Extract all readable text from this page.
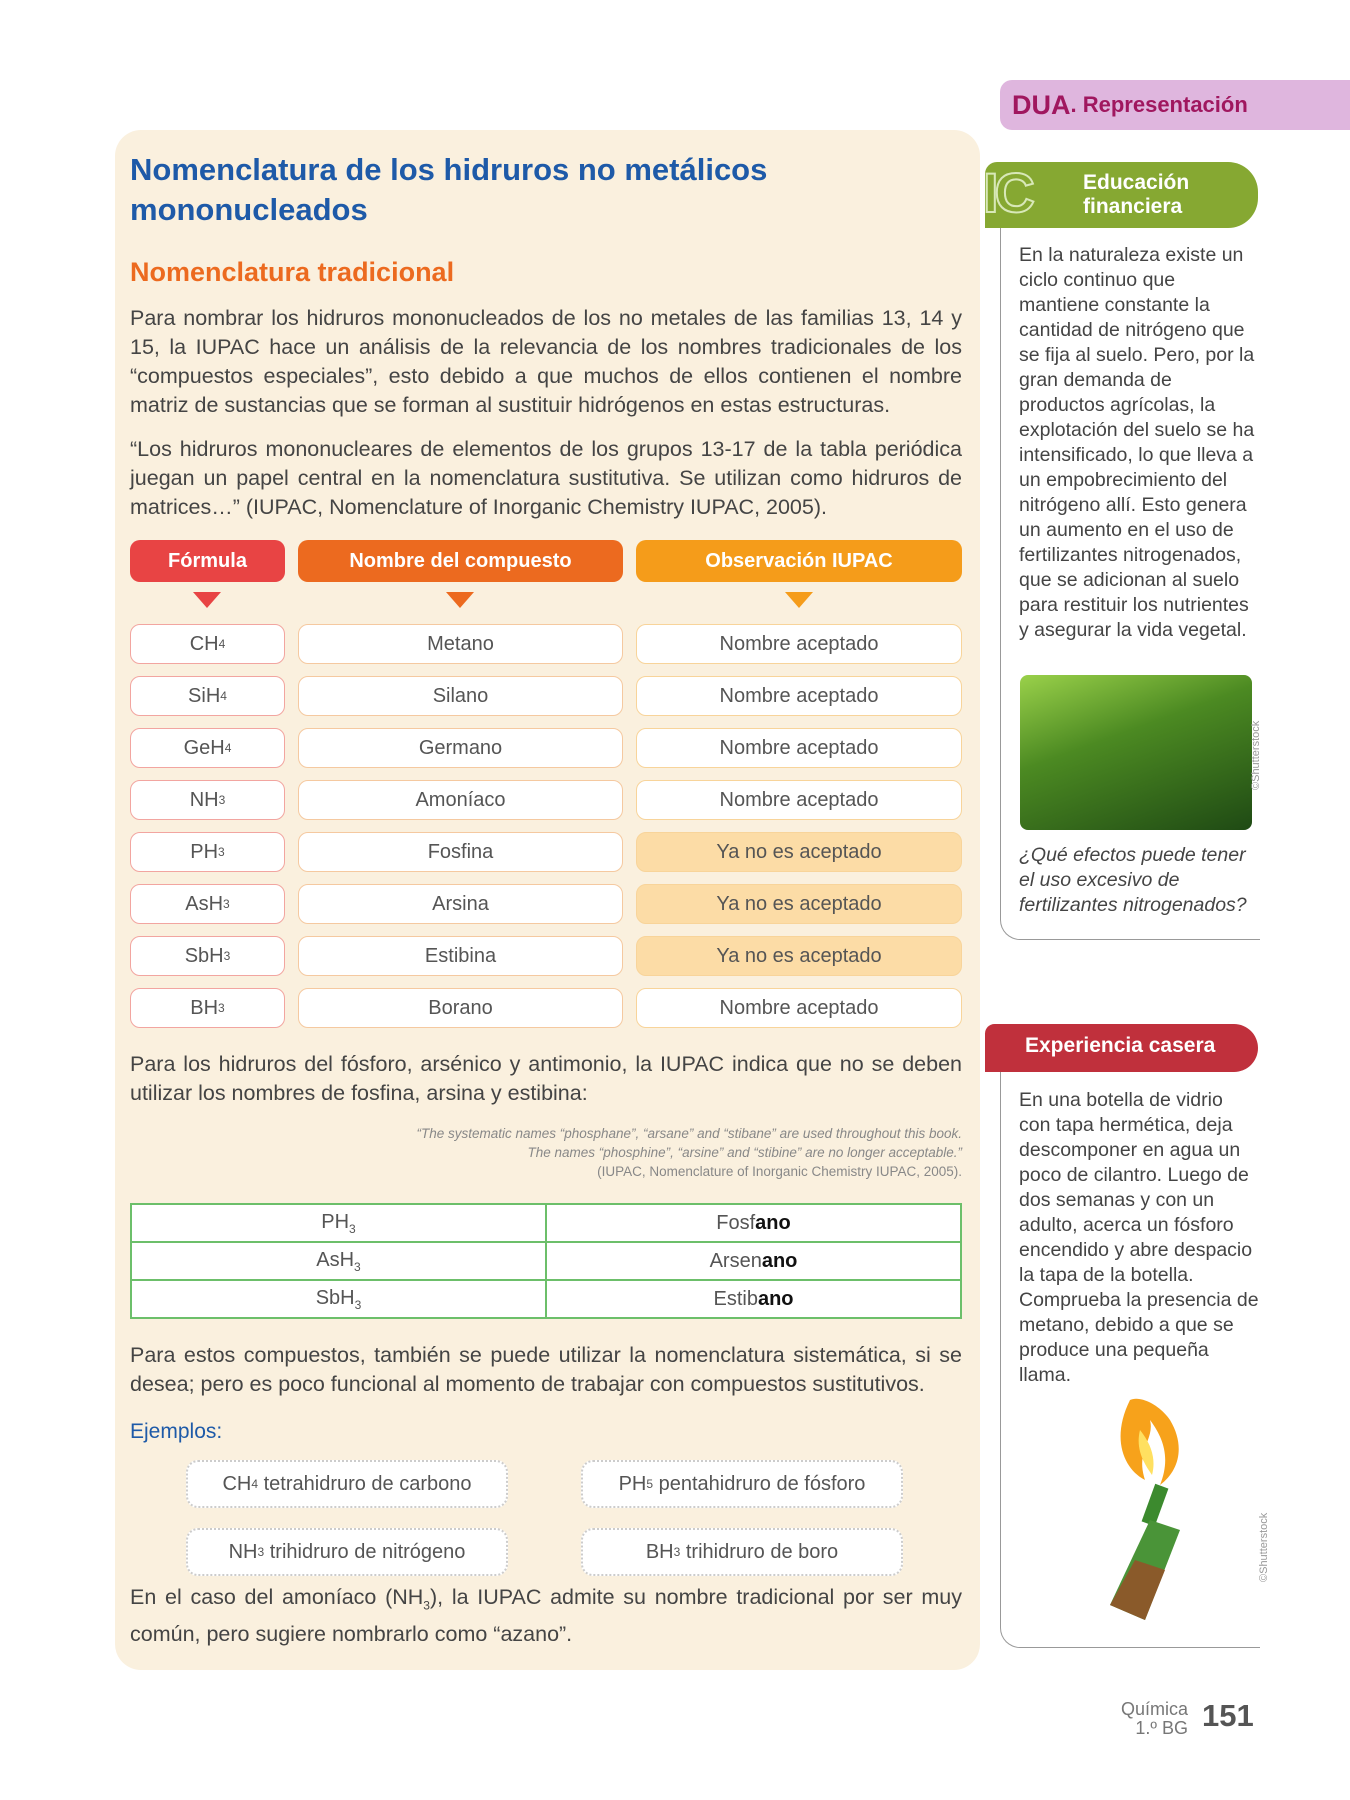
Nomenclatura de los hidruros no metálicos mononucleados
Nomenclatura tradicional

Para nombrar los hidruros mononucleados de los no metales de las familias 13, 14 y 15, la IUPAC hace un análisis de la relevancia de los nombres tradicionales de los “compuestos especiales”, esto debido a que muchos de ellos contienen el nombre matriz de sustancias que se forman al sustituir hidrógenos en estas estructuras.

“Los hidruros mononucleares de elementos de los grupos 13-17 de la tabla periódica juegan un papel central en la nomenclatura sustitutiva. Se utilizan como hidruros de matrices…” (IUPAC, Nomenclature of Inorganic Chemistry IUPAC, 2005).

Fórmula	Nombre del compuesto	Observación IUPAC
CH 4	Metano	Nombre aceptado
SiH 4	Silano	Nombre aceptado
GeH 4	Germano	Nombre aceptado
NH 3	Amoníaco	Nombre aceptado
PH 3	Fosfina	Ya no es aceptado
AsH 3	Arsina	Ya no es aceptado
SbH 3	Estibina	Ya no es aceptado
BH 3	Borano	Nombre aceptado

Para los hidruros del fósforo, arsénico y antimonio, la IUPAC indica que no se deben utilizar los nombres de fosfina, arsina y estibina:

“The systematic names “phosphane”, “arsane” and “stibane” are used throughout this book.
The names “phosphine”, “arsine” and “stibine” are no longer acceptable.”
(IUPAC, Nomenclature of Inorganic Chemistry IUPAC, 2005).
$PH_3$	Fosfano
AsH$_3$	Arsenano
SbH$_3$	Estibano

Para estos compuestos, también se puede utilizar la nomenclatura sistemática, si se desea; pero es poco funcional al momento de trabajar con compuestos sustitutivos.

Ejemplos:
CH 4 tetrahidruro de carbono	PH 5 pentahidruro de fósforo
NH 3 trihidruro de nitrógeno	BH 3 trihidruro de boro

En el caso del amoníaco $(NH_3)$, la IUPAC admite su nombre tradicional por ser muy común, pero sugiere nombrarlo como “azano”.

DUA . Representación
Educación
financiera
IC
En la naturaleza existe un ciclo continuo que mantiene constante la cantidad de nitrógeno que se fija al suelo. Pero, por la gran demanda de productos agrícolas, la explotación del suelo se ha intensificado, lo que lleva a un empobrecimiento del nitrógeno allí. Esto genera un aumento en el uso de fertilizantes nitrogenados, que se adicionan al suelo para restituir los nutrientes y asegurar la vida vegetal.
©Shutterstock
¿Qué efectos puede tener el uso excesivo de fertilizantes nitrogenados?
Experiencia casera
En una botella de vidrio con tapa hermética, deja descomponer en agua un poco de cilantro. Luego de dos semanas y con un adulto, acerca un fósforo encendido y abre despacio la tapa de la botella. Comprueba la presencia de metano, debido a que se produce una pequeña llama.
©Shutterstock
Química
1.º BG 151
